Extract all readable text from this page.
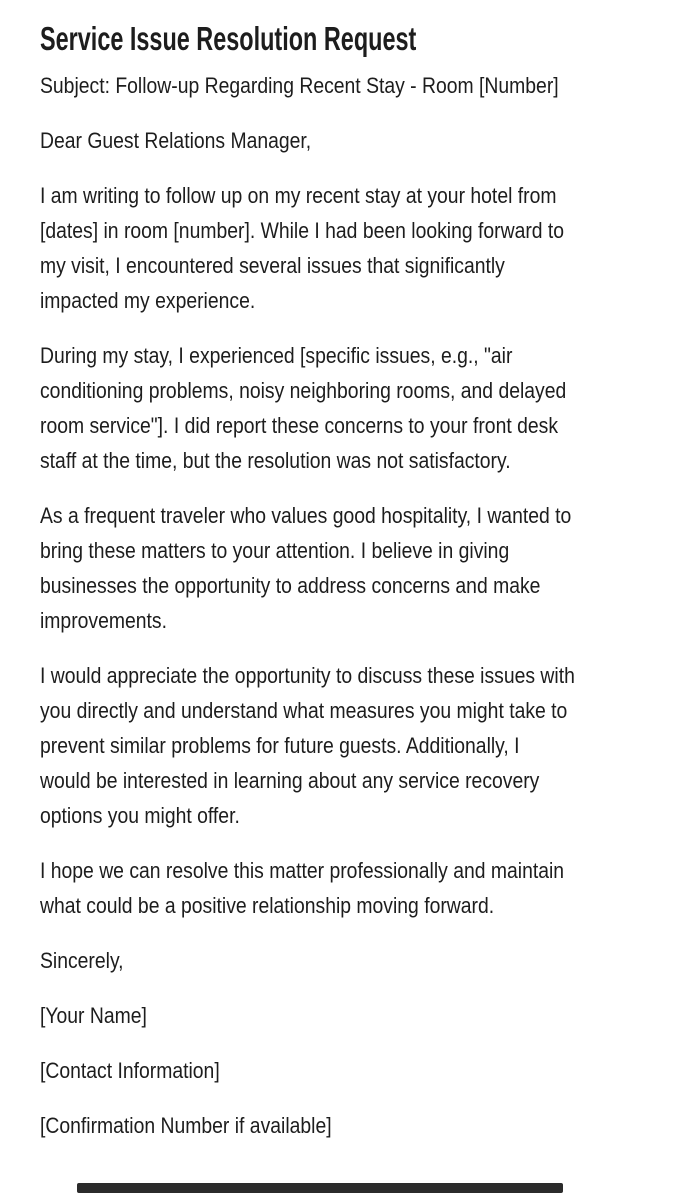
Service Issue Resolution Request
Subject: Follow-up Regarding Recent Stay - Room [Number]
Dear Guest Relations Manager,
I am writing to follow up on my recent stay at your hotel from
[dates] in room [number]. While I had been looking forward to
my visit, I encountered several issues that significantly
impacted my experience.
During my stay, I experienced [specific issues, e.g., "air
conditioning problems, noisy neighboring rooms, and delayed
room service"]. I did report these concerns to your front desk
staff at the time, but the resolution was not satisfactory.
As a frequent traveler who values good hospitality, I wanted to
bring these matters to your attention. I believe in giving
businesses the opportunity to address concerns and make
improvements.
I would appreciate the opportunity to discuss these issues with
you directly and understand what measures you might take to
prevent similar problems for future guests. Additionally, I
would be interested in learning about any service recovery
options you might offer.
I hope we can resolve this matter professionally and maintain
what could be a positive relationship moving forward.
Sincerely,
[Your Name]
[Contact Information]
[Confirmation Number if available]
